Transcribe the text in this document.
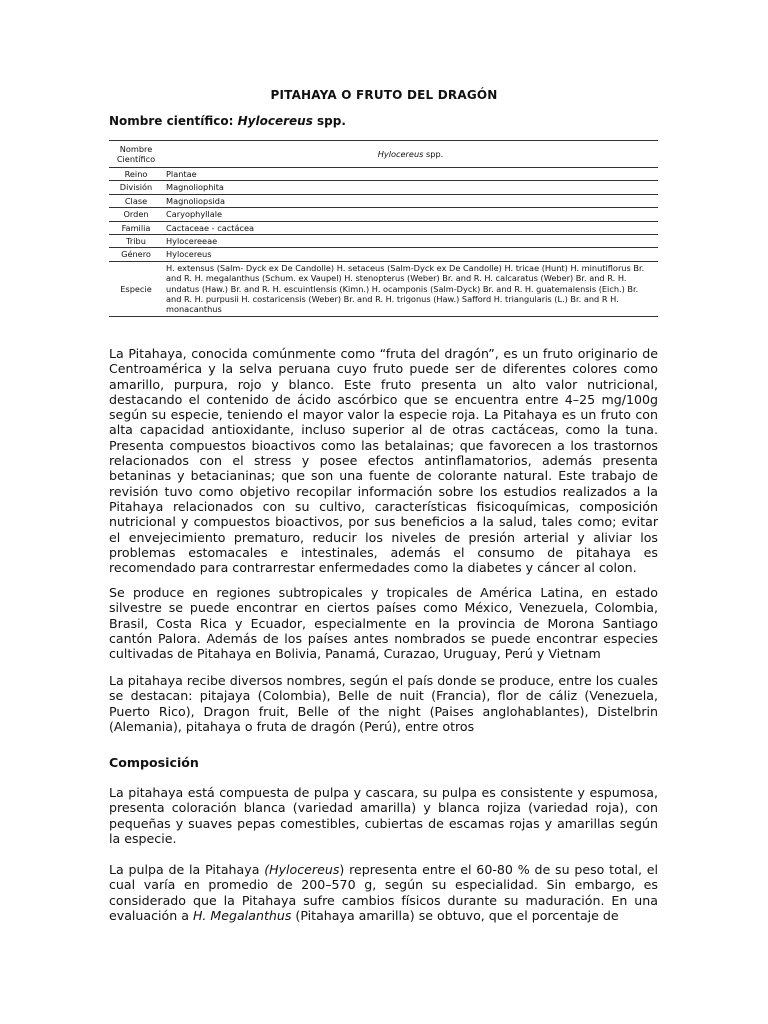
PITAHAYA O FRUTO DEL DRAGÓN
Nombre científico: Hylocereus spp.
Nombre Científico	Hylocereus spp.
Reino	Plantae
División	Magnoliophita
Clase	Magnoliopsida
Orden	Caryophyllale
Familia	Cactaceae - cactácea
Tribu	Hylocereeae
Género	Hylocereus
Especie	H. extensus (Salm- Dyck ex De Candolle) H. setaceus (Salm-Dyck ex De Candolle) H. tricae (Hunt) H. minutiflorus Br. and R. H. megalanthus (Schum. ex Vaupel) H. stenopterus (Weber) Br. and R. H. calcaratus (Weber) Br. and R. H. undatus (Haw.) Br. and R. H. escuintlensis (Kimn.) H. ocamponis (Salm-Dyck) Br. and R. H. guatemalensis (Eich.) Br. and R. H. purpusii H. costaricensis (Weber) Br. and R. H. trigonus (Haw.) Safford H. triangularis (L.) Br. and R H. monacanthus

La Pitahaya, conocida comúnmente como “fruta del dragón”, es un fruto originario de Centroamérica y la selva peruana cuyo fruto puede ser de diferentes colores como amarillo, purpura, rojo y blanco. Este fruto presenta un alto valor nutricional, destacando el contenido de ácido ascórbico que se encuentra entre 4–25 mg/100g según su especie, teniendo el mayor valor la especie roja. La Pitahaya es un fruto con alta capacidad antioxidante, incluso superior al de otras cactáceas, como la tuna. Presenta compuestos bioactivos como las betalainas; que favorecen a los trastornos relacionados con el stress y posee efectos antinflamatorios, además presenta betaninas y betacianinas; que son una fuente de colorante natural. Este trabajo de revisión tuvo como objetivo recopilar información sobre los estudios realizados a la Pitahaya relacionados con su cultivo, características fisicoquímicas, composición nutricional y compuestos bioactivos, por sus beneficios a la salud, tales como; evitar el envejecimiento prematuro, reducir los niveles de presión arterial y aliviar los problemas estomacales e intestinales, además el consumo de pitahaya es recomendado para contrarrestar enfermedades como la diabetes y cáncer al colon.

Se produce en regiones subtropicales y tropicales de América Latina, en estado silvestre se puede encontrar en ciertos países como México, Venezuela, Colombia, Brasil, Costa Rica y Ecuador, especialmente en la provincia de Morona Santiago cantón Palora. Además de los países antes nombrados se puede encontrar especies cultivadas de Pitahaya en Bolivia, Panamá, Curazao, Uruguay, Perú y Vietnam

La pitahaya recibe diversos nombres, según el país donde se produce, entre los cuales se destacan: pitajaya (Colombia), Belle de nuit (Francia), flor de cáliz (Venezuela, Puerto Rico), Dragon fruit, Belle of the night (Paises anglohablantes), Distelbrin (Alemania), pitahaya o fruta de dragón (Perú), entre otros

Composición

La pitahaya está compuesta de pulpa y cascara, su pulpa es consistente y espumosa, presenta coloración blanca (variedad amarilla) y blanca rojiza (variedad roja), con pequeñas y suaves pepas comestibles, cubiertas de escamas rojas y amarillas según la especie.

La pulpa de la Pitahaya (Hylocereus) representa entre el 60-80 % de su peso total, el cual varía en promedio de 200–570 g, según su especialidad. Sin embargo, es considerado que la Pitahaya sufre cambios físicos durante su maduración. En una evaluación a H. Megalanthus (Pitahaya amarilla) se obtuvo, que el porcentaje de
